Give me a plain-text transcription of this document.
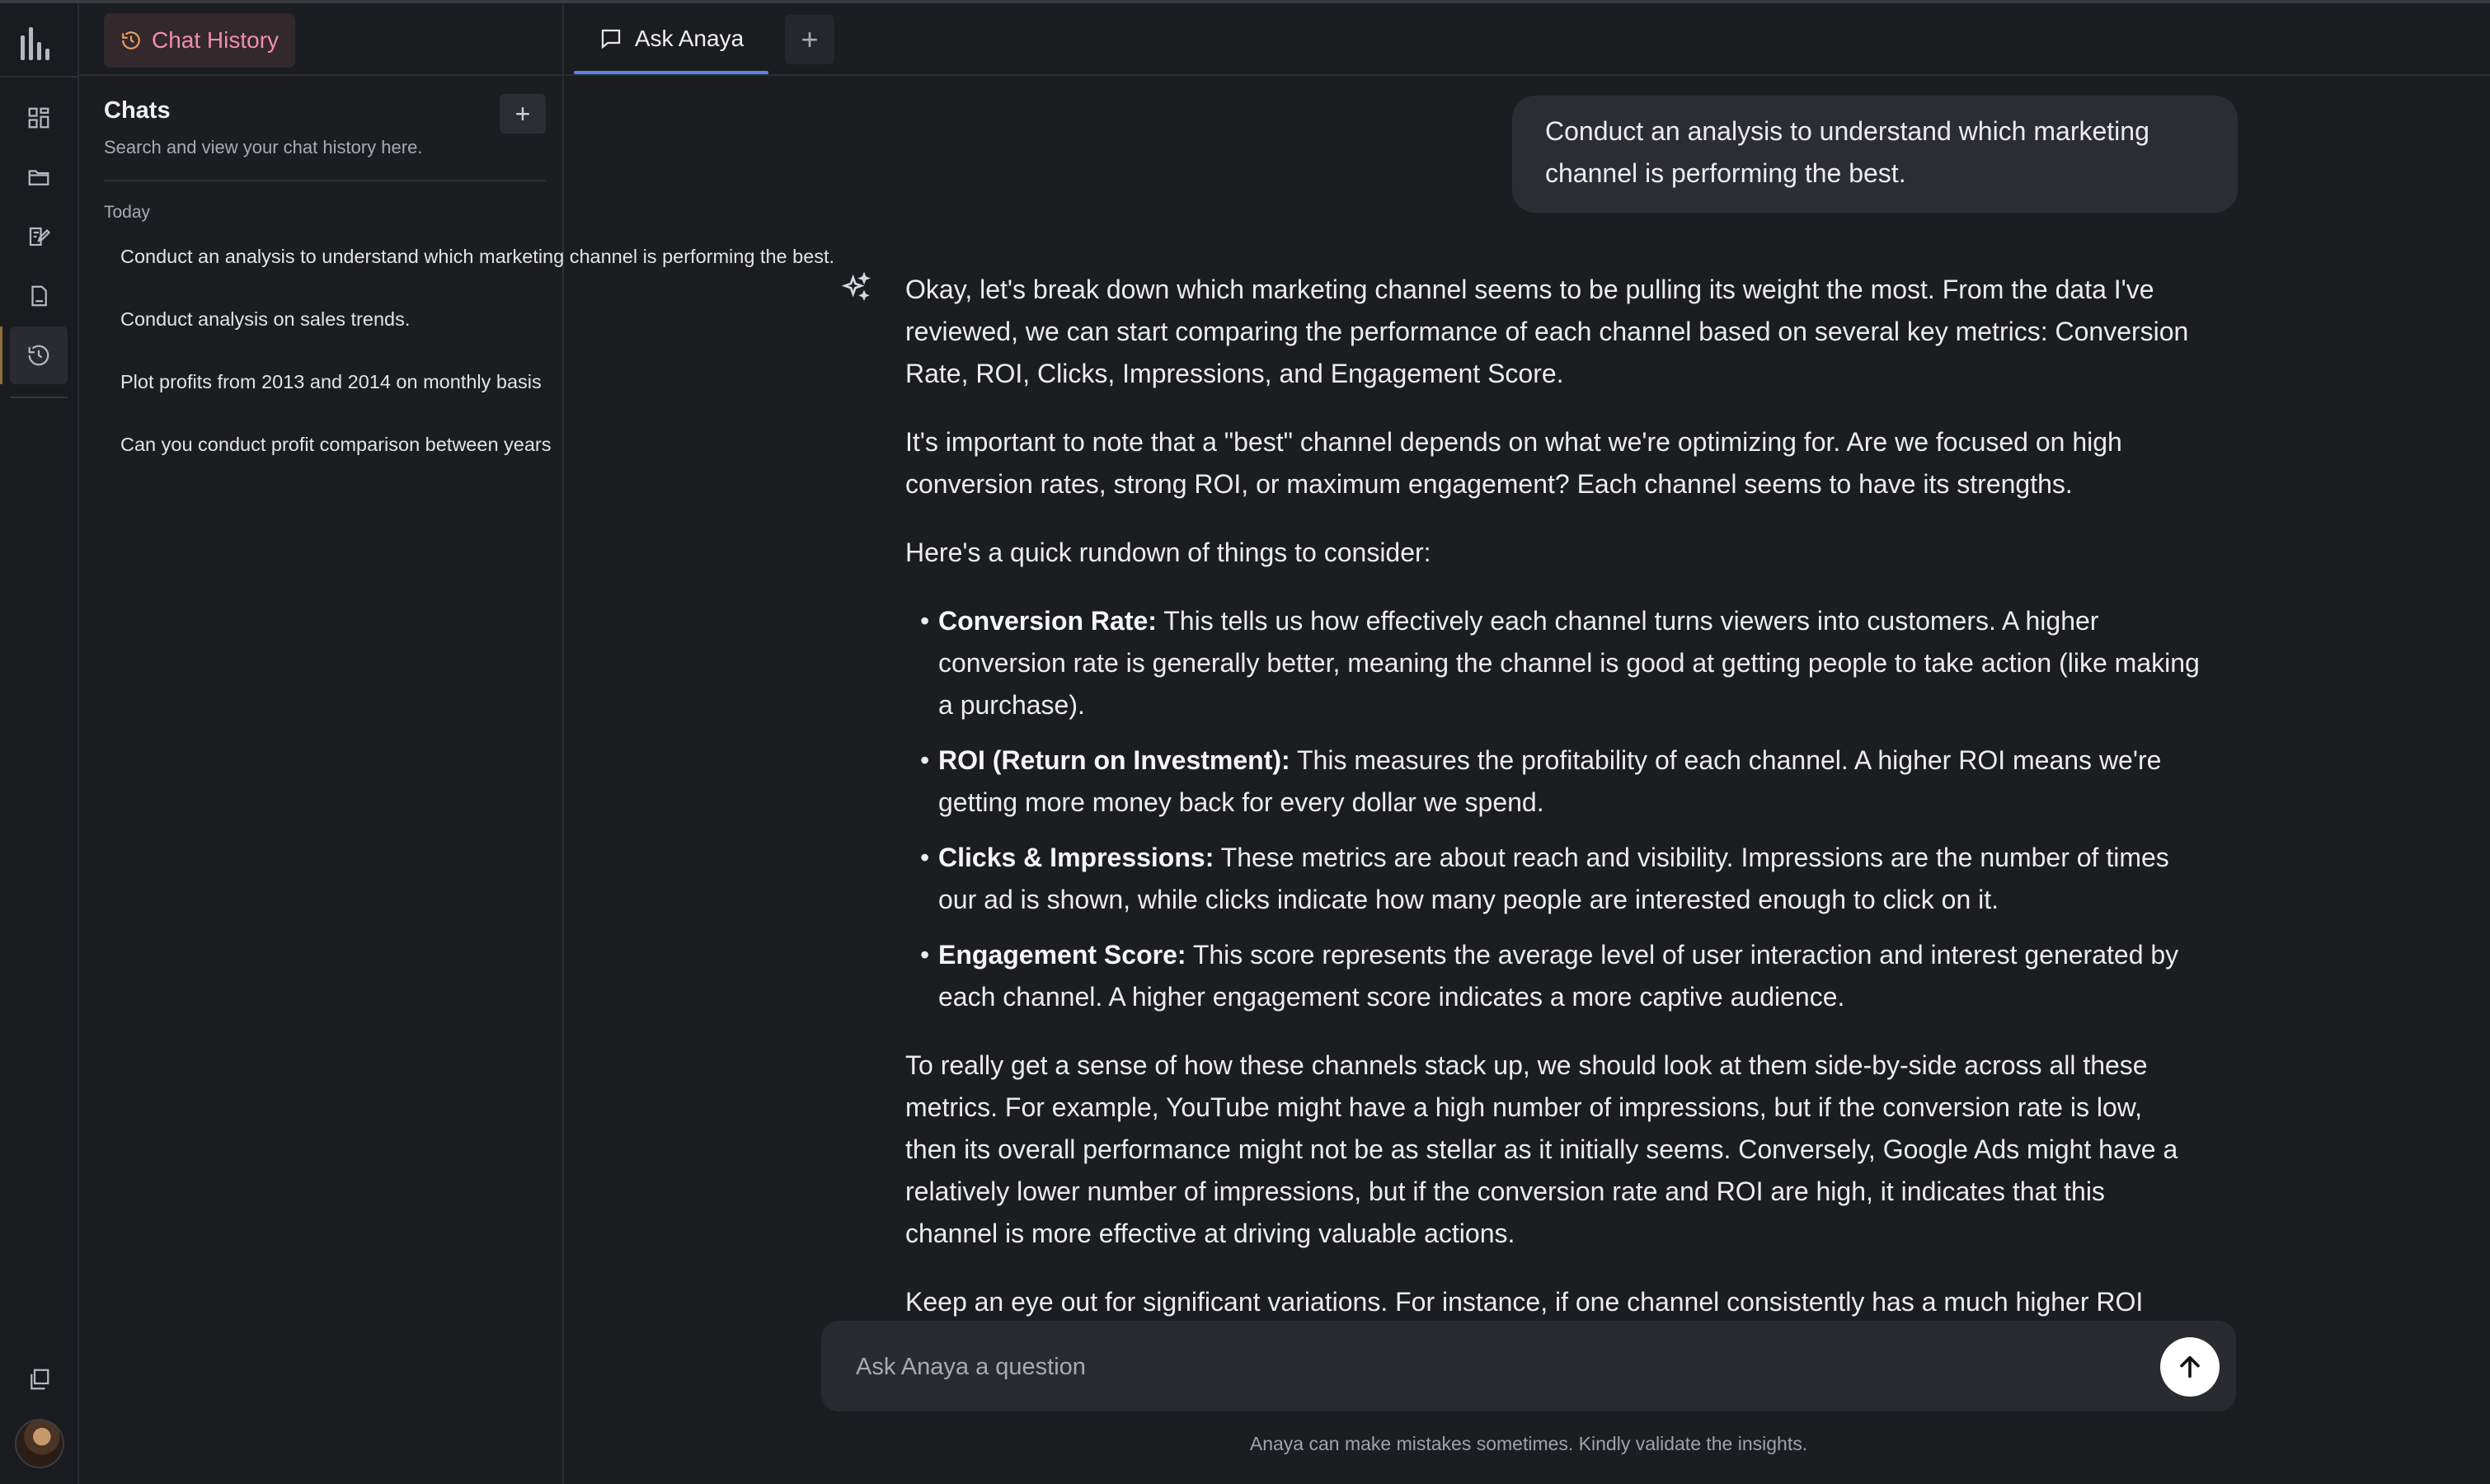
Chat History
Chats
Search and view your chat history here.
+
Today
Conduct an analysis to understand which marketing channel is performing the best.
Conduct analysis on sales trends.
Plot profits from 2013 and 2014 on monthly basis
Can you conduct profit comparison between years
Ask Anaya +
Conduct an analysis to understand which marketing channel is performing the best.

Okay, let's break down which marketing channel seems to be pulling its weight the most. From the data I've reviewed, we can start comparing the performance of each channel based on several key metrics: Conversion Rate, ROI, Clicks, Impressions, and Engagement Score.

It's important to note that a "best" channel depends on what we're optimizing for. Are we focused on high conversion rates, strong ROI, or maximum engagement? Each channel seems to have its strengths.

Here's a quick rundown of things to consider:

• Conversion Rate: This tells us how effectively each channel turns viewers into customers. A higher conversion rate is generally better, meaning the channel is good at getting people to take action (like making a purchase).
• ROI (Return on Investment): This measures the profitability of each channel. A higher ROI means we're getting more money back for every dollar we spend.
• Clicks & Impressions: These metrics are about reach and visibility. Impressions are the number of times our ad is shown, while clicks indicate how many people are interested enough to click on it.
• Engagement Score: This score represents the average level of user interaction and interest generated by each channel. A higher engagement score indicates a more captive audience.

To really get a sense of how these channels stack up, we should look at them side-by-side across all these metrics. For example, YouTube might have a high number of impressions, but if the conversion rate is low, then its overall performance might not be as stellar as it initially seems. Conversely, Google Ads might have a relatively lower number of impressions, but if the conversion rate and ROI are high, it indicates that this channel is more effective at driving valuable actions.

Keep an eye out for significant variations. For instance, if one channel consistently has a much higher ROI

Ask Anaya a question
Anaya can make mistakes sometimes. Kindly validate the insights.
